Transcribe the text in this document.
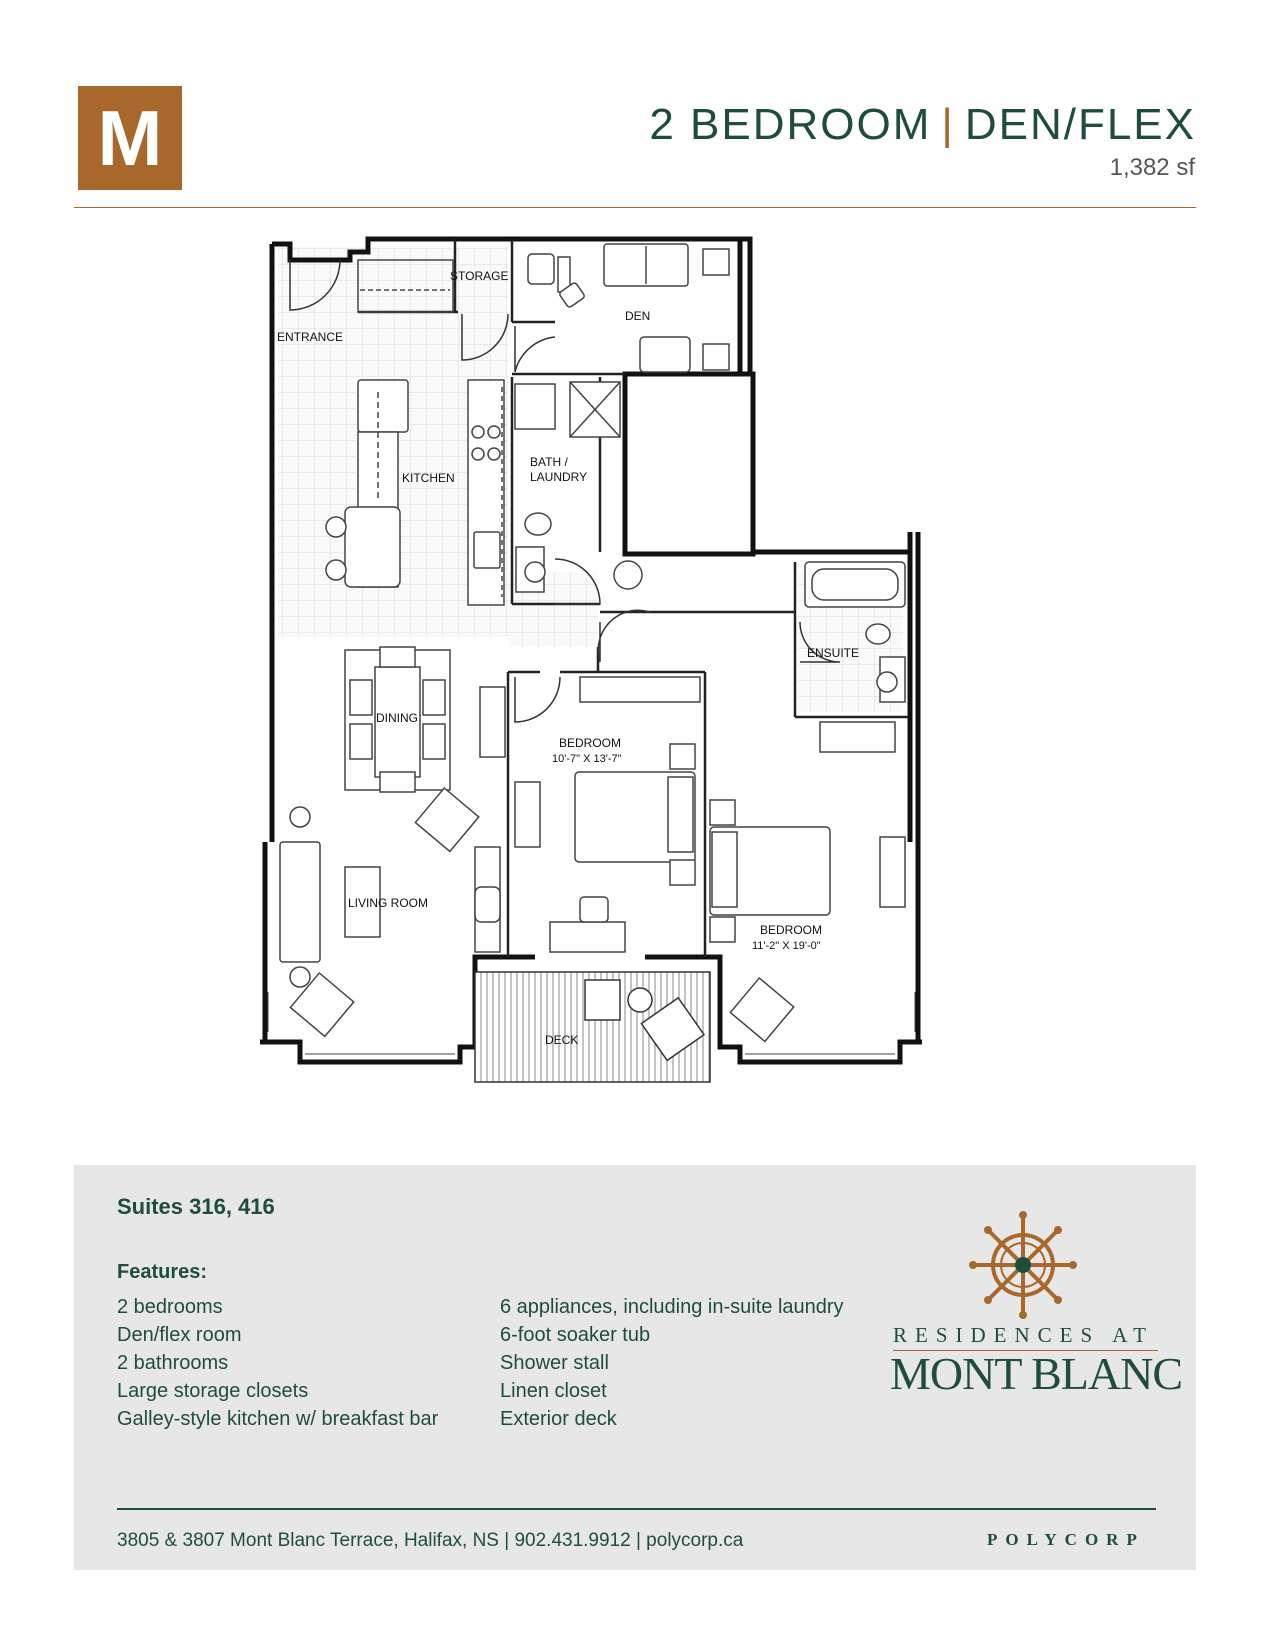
M	2 BEDROOM | DEN/FLEX
1,382 sf
STORAGE
DEN
ENTRANCE
KITCHEN
BATH /
LAUNDRY
ENSUITE
DINING
BEDROOM
10'-7" X 13'-7"
LIVING ROOM
BEDROOM
11'-2" X 19'-0"
DECK
Suites 316, 416
Features:
2 bedrooms
Den/flex room
2 bathrooms
Large storage closets
Galley-style kitchen w/ breakfast bar
6 appliances, including in-suite laundry
6-foot soaker tub
Shower stall
Linen closet
Exterior deck
RESIDENCES AT
MONT BLANC
3805 & 3807 Mont Blanc Terrace, Halifax, NS | 902.431.9912 | polycorp.ca	POLYCORP
